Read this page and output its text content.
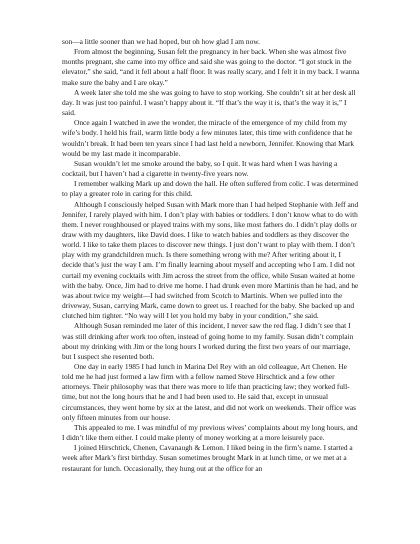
son—a little sooner than we had hoped, but oh how glad I am now.

From almost the beginning, Susan felt the pregnancy in her back. When she was almost five months pregnant, she came into my office and said she was going to the doctor. “I got stuck in the elevator,” she said, “and it fell about a half floor. It was really scary, and I felt it in my back. I wanna make sure the baby and I are okay.”

A week later she told me she was going to have to stop working. She couldn’t sit at her desk all day. It was just too painful. I wasn’t happy about it. “If that’s the way it is, that’s the way it is,” I said.

Once again I watched in awe the wonder, the miracle of the emergence of my child from my wife’s body. I held his frail, warm little body a few minutes later, this time with confidence that he wouldn’t break. It had been ten years since I had last held a newborn, Jennifer. Knowing that Mark would be my last made it incomparable.

Susan wouldn’t let me smoke around the baby, so I quit. It was hard when I was having a cocktail, but I haven’t had a cigarette in twenty-five years now.

I remember walking Mark up and down the hall. He often suffered from colic. I was determined to play a greater role in caring for this child.

Although I consciously helped Susan with Mark more than I had helped Stephanie with Jeff and Jennifer, I rarely played with him. I don’t play with babies or toddlers. I don’t know what to do with them. I never roughhoused or played trains with my sons, like most fathers do. I didn’t play dolls or draw with my daughters, like David does. I like to watch babies and toddlers as they discover the world. I like to take them places to discover new things. I just don’t want to play with them. I don’t play with my grandchildren much. Is there something wrong with me? After writing about it, I decide that’s just the way I am. I’m finally learning about myself and accepting who I am. I did not curtail my evening cocktails with Jim across the street from the office, while Susan waited at home with the baby. Once, Jim had to drive me home. I had drunk even more Martinis than he had, and he was about twice my weight—I had switched from Scotch to Martinis. When we pulled into the driveway, Susan, carrying Mark, came down to greet us. I reached for the baby. She backed up and clutched him tighter. “No way will I let you hold my baby in your condition,” she said.

Although Susan reminded me later of this incident, I never saw the red flag. I didn’t see that I was still drinking after work too often, instead of going home to my family. Susan didn’t complain about my drinking with Jim or the long hours I worked during the first two years of our marriage, but I suspect she resented both.

One day in early 1985 I had lunch in Marina Del Rey with an old colleague, Art Chenen. He told me he had just formed a law firm with a fellow named Steve Hirschtick and a few other attorneys. Their philosophy was that there was more to life than practicing law; they worked full-time, but not the long hours that he and I had been used to. He said that, except in unusual circumstances, they went home by six at the latest, and did not work on weekends. Their office was only fifteen minutes from our house.

This appealed to me. I was mindful of my previous wives’ complaints about my long hours, and I didn’t like them either. I could make plenty of money working at a more leisurely pace.

I joined Hirschtick, Chenen, Cavanaugh & Lemon. I liked being in the firm’s name. I started a week after Mark’s first birthday. Susan sometimes brought Mark in at lunch time, or we met at a restaurant for lunch. Occasionally, they hung out at the office for an
